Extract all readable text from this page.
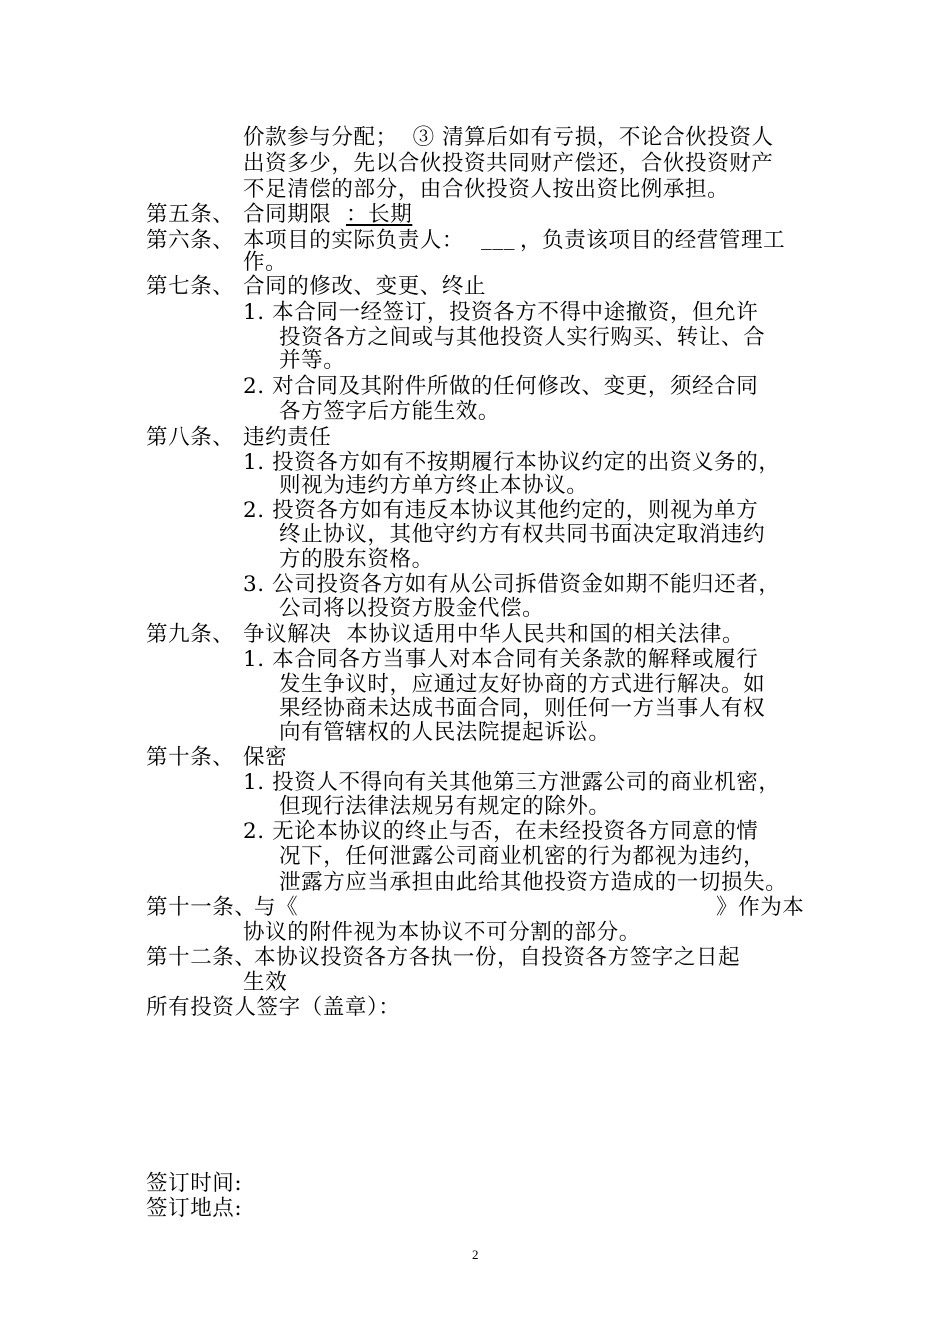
价款参与分配；  ③ 清算后如有亏损，不论合伙投资人
出资多少，先以合伙投资共同财产偿还，合伙投资财产
不足清偿的部分，由合伙投资人按出资比例承担。
第五条、 合同期限 ：长期
第六条、 本项目的实际负责人： ___ ，负责该项目的经营管理工
作。
第七条、 合同的修改、变更、终止
1. 本合同一经签订，投资各方不得中途撤资，但允许
投资各方之间或与其他投资人实行购买、转让、合
并等。
2. 对合同及其附件所做的任何修改、变更，须经合同
各方签字后方能生效。
第八条、 违约责任
1. 投资各方如有不按期履行本协议约定的出资义务的，
则视为违约方单方终止本协议。
2. 投资各方如有违反本协议其他约定的，则视为单方
终止协议，其他守约方有权共同书面决定取消违约
方的股东资格。
3. 公司投资各方如有从公司拆借资金如期不能归还者，
公司将以投资方股金代偿。
第九条、 争议解决  本协议适用中华人民共和国的相关法律。
1. 本合同各方当事人对本合同有关条款的解释或履行
发生争议时，应通过友好协商的方式进行解决。如
果经协商未达成书面合同，则任何一方当事人有权
向有管辖权的人民法院提起诉讼。
第十条、 保密
1. 投资人不得向有关其他第三方泄露公司的商业机密，
但现行法律法规另有规定的除外。
2. 无论本协议的终止与否，在未经投资各方同意的情
况下，任何泄露公司商业机密的行为都视为违约，
泄露方应当承担由此给其他投资方造成的一切损失。
第十一条、
与《	》作为本
协议的附件视为本协议不可分割的部分。
第十二条、
本协议投资各方各执一份，自投资各方签字之日起
生效
所有投资人签字（盖章）：
签订时间:
签订地点:
2
